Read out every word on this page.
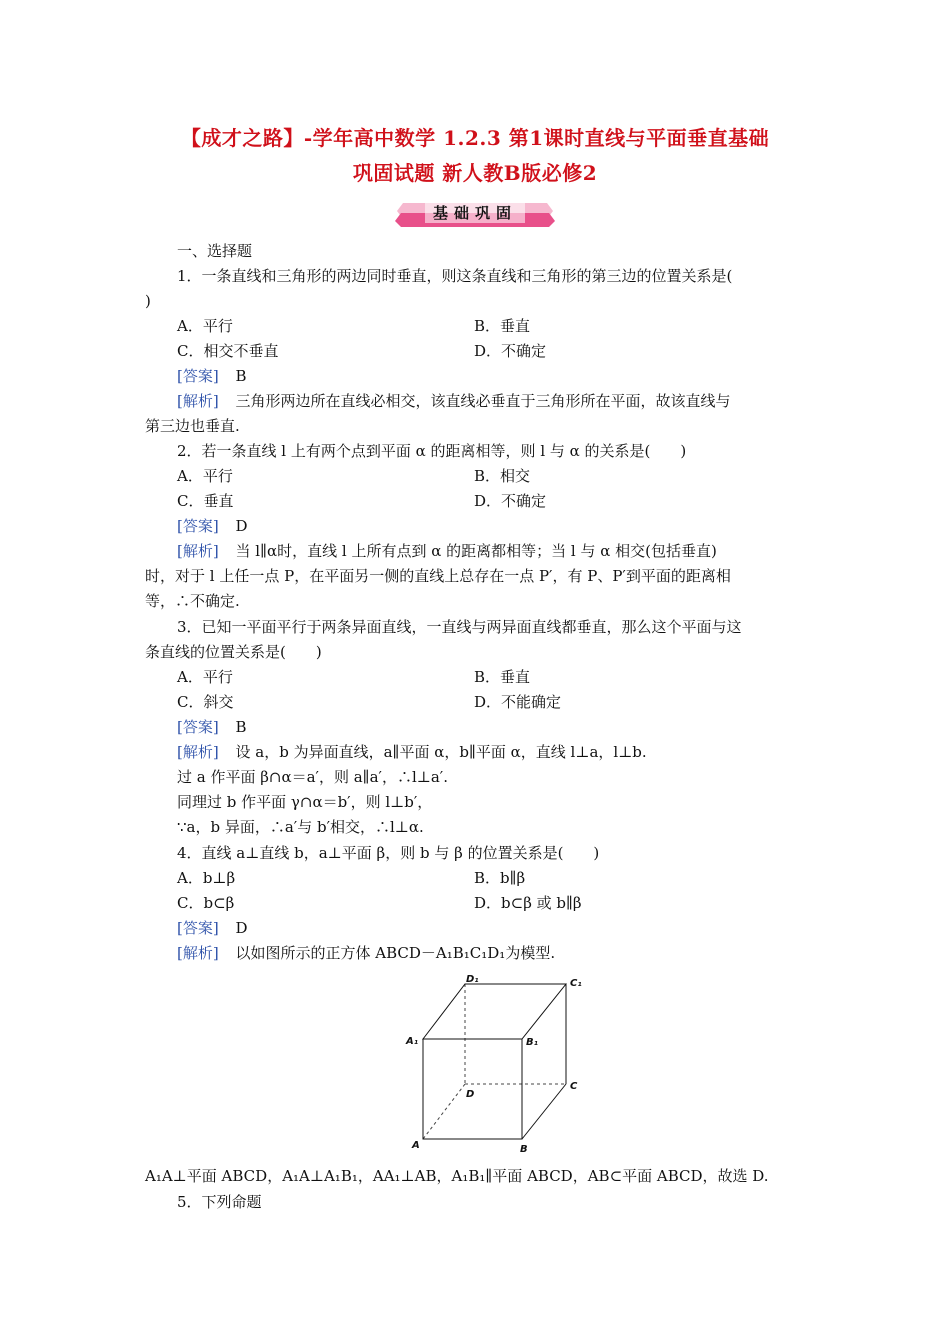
【成才之路】-学年高中数学 1.2.3 第1课时直线与平面垂直基础
巩固试题 新人教B版必修2
基础巩固
一、选择题
1．一条直线和三角形的两边同时垂直，则这条直线和三角形的第三边的位置关系是(
)
A．平行	B．垂直
C．相交不垂直	D．不确定
[答案] B
[解析] 三角形两边所在直线必相交，该直线必垂直于三角形所在平面，故该直线与
第三边也垂直.
2．若一条直线 l 上有两个点到平面 α 的距离相等，则 l 与 α 的关系是(　　)
A．平行	B．相交
C．垂直	D．不确定
[答案] D
[解析] 当 l∥α时，直线 l 上所有点到 α 的距离都相等；当 l 与 α 相交(包括垂直)
时，对于 l 上任一点 P，在平面另一侧的直线上总存在一点 P′，有 P、P′到平面的距离相
等，∴不确定.
3．已知一平面平行于两条异面直线，一直线与两异面直线都垂直，那么这个平面与这
条直线的位置关系是(　　)
A．平行	B．垂直
C．斜交	D．不能确定
[答案] B
[解析] 设 a，b 为异面直线，a∥平面 α，b∥平面 α，直线 l⊥a，l⊥b.
过 a 作平面 β∩α＝a′，则 a∥a′，∴l⊥a′.
同理过 b 作平面 γ∩α＝b′，则 l⊥b′，
∵a，b 异面，∴a′与 b′相交，∴l⊥α.
4．直线 a⊥直线 b，a⊥平面 β，则 b 与 β 的位置关系是(　　)
A．b⊥β	B．b∥β
C．b⊂β	D．b⊂β 或 b∥β
[答案] D
[解析] 以如图所示的正方体 ABCD－A₁B₁C₁D₁为模型.
D₁	C₁
A₁	B₁
D
C
A	B
A₁A⊥平面 ABCD，A₁A⊥A₁B₁，AA₁⊥AB，A₁B₁∥平面 ABCD，AB⊂平面 ABCD，故选 D.
5．下列命题
